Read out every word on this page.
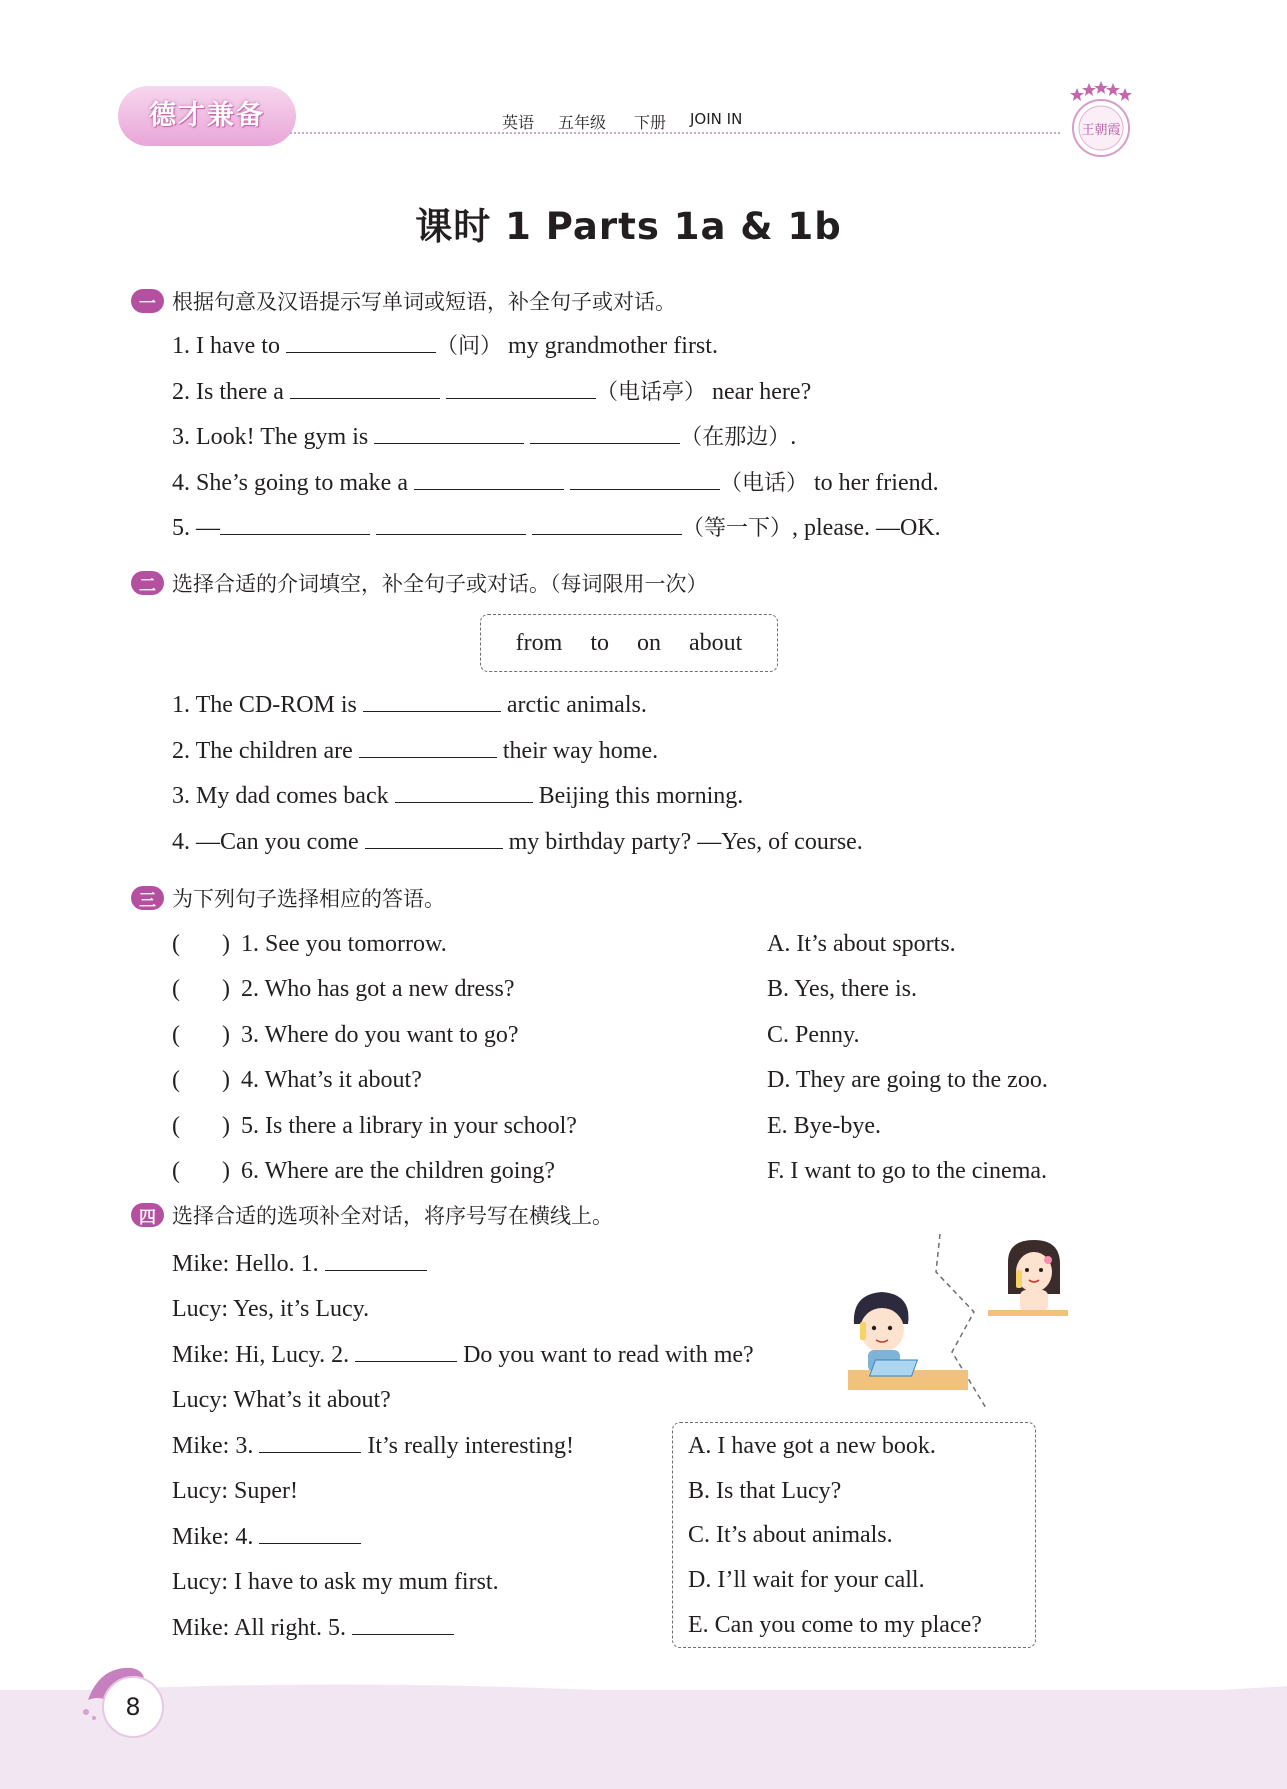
德才兼备	英语 五年级 下册 JOIN IN
王朝霞
课时 1 Parts 1a & 1b
一 根据句意及汉语提示写单词或短语，补全句子或对话。
1. I have to	（问） my grandmother first.
2. Is there a	（电话亭） near here?
3. Look! The gym is	（在那边）.
4. She’s going to make a	（电话） to her friend.
5. —	（等一下）, please. —OK.
二 选择合适的介词填空，补全句子或对话。（每词限用一次）
from to on about
1. The CD-ROM is	arctic animals.
2. The children are	their way home.
3. My dad comes back	Beijing this morning.
4. —Can you come	my birthday party? —Yes, of course.
三 为下列句子选择相应的答语。
(       ) 1. See you tomorrow.	A. It’s about sports.
(       ) 2. Who has got a new dress?	B. Yes, there is.
(       ) 3. Where do you want to go?	C. Penny.
(       ) 4. What’s it about?	D. They are going to the zoo.
(       ) 5. Is there a library in your school?	E. Bye-bye.
(       ) 6. Where are the children going?	F. I want to go to the cinema.
四 选择合适的选项补全对话，将序号写在横线上。
Mike: Hello. 1.
Lucy: Yes, it’s Lucy.
Mike: Hi, Lucy. 2.	Do you want to read with me?
Lucy: What’s it about?
Mike: 3.	It’s really interesting!
Lucy: Super!
Mike: 4.
Lucy: I have to ask my mum first.
Mike: All right. 5.
A. I have got a new book.
B. Is that Lucy?
C. It’s about animals.
D. I’ll wait for your call.
E. Can you come to my place?
8
